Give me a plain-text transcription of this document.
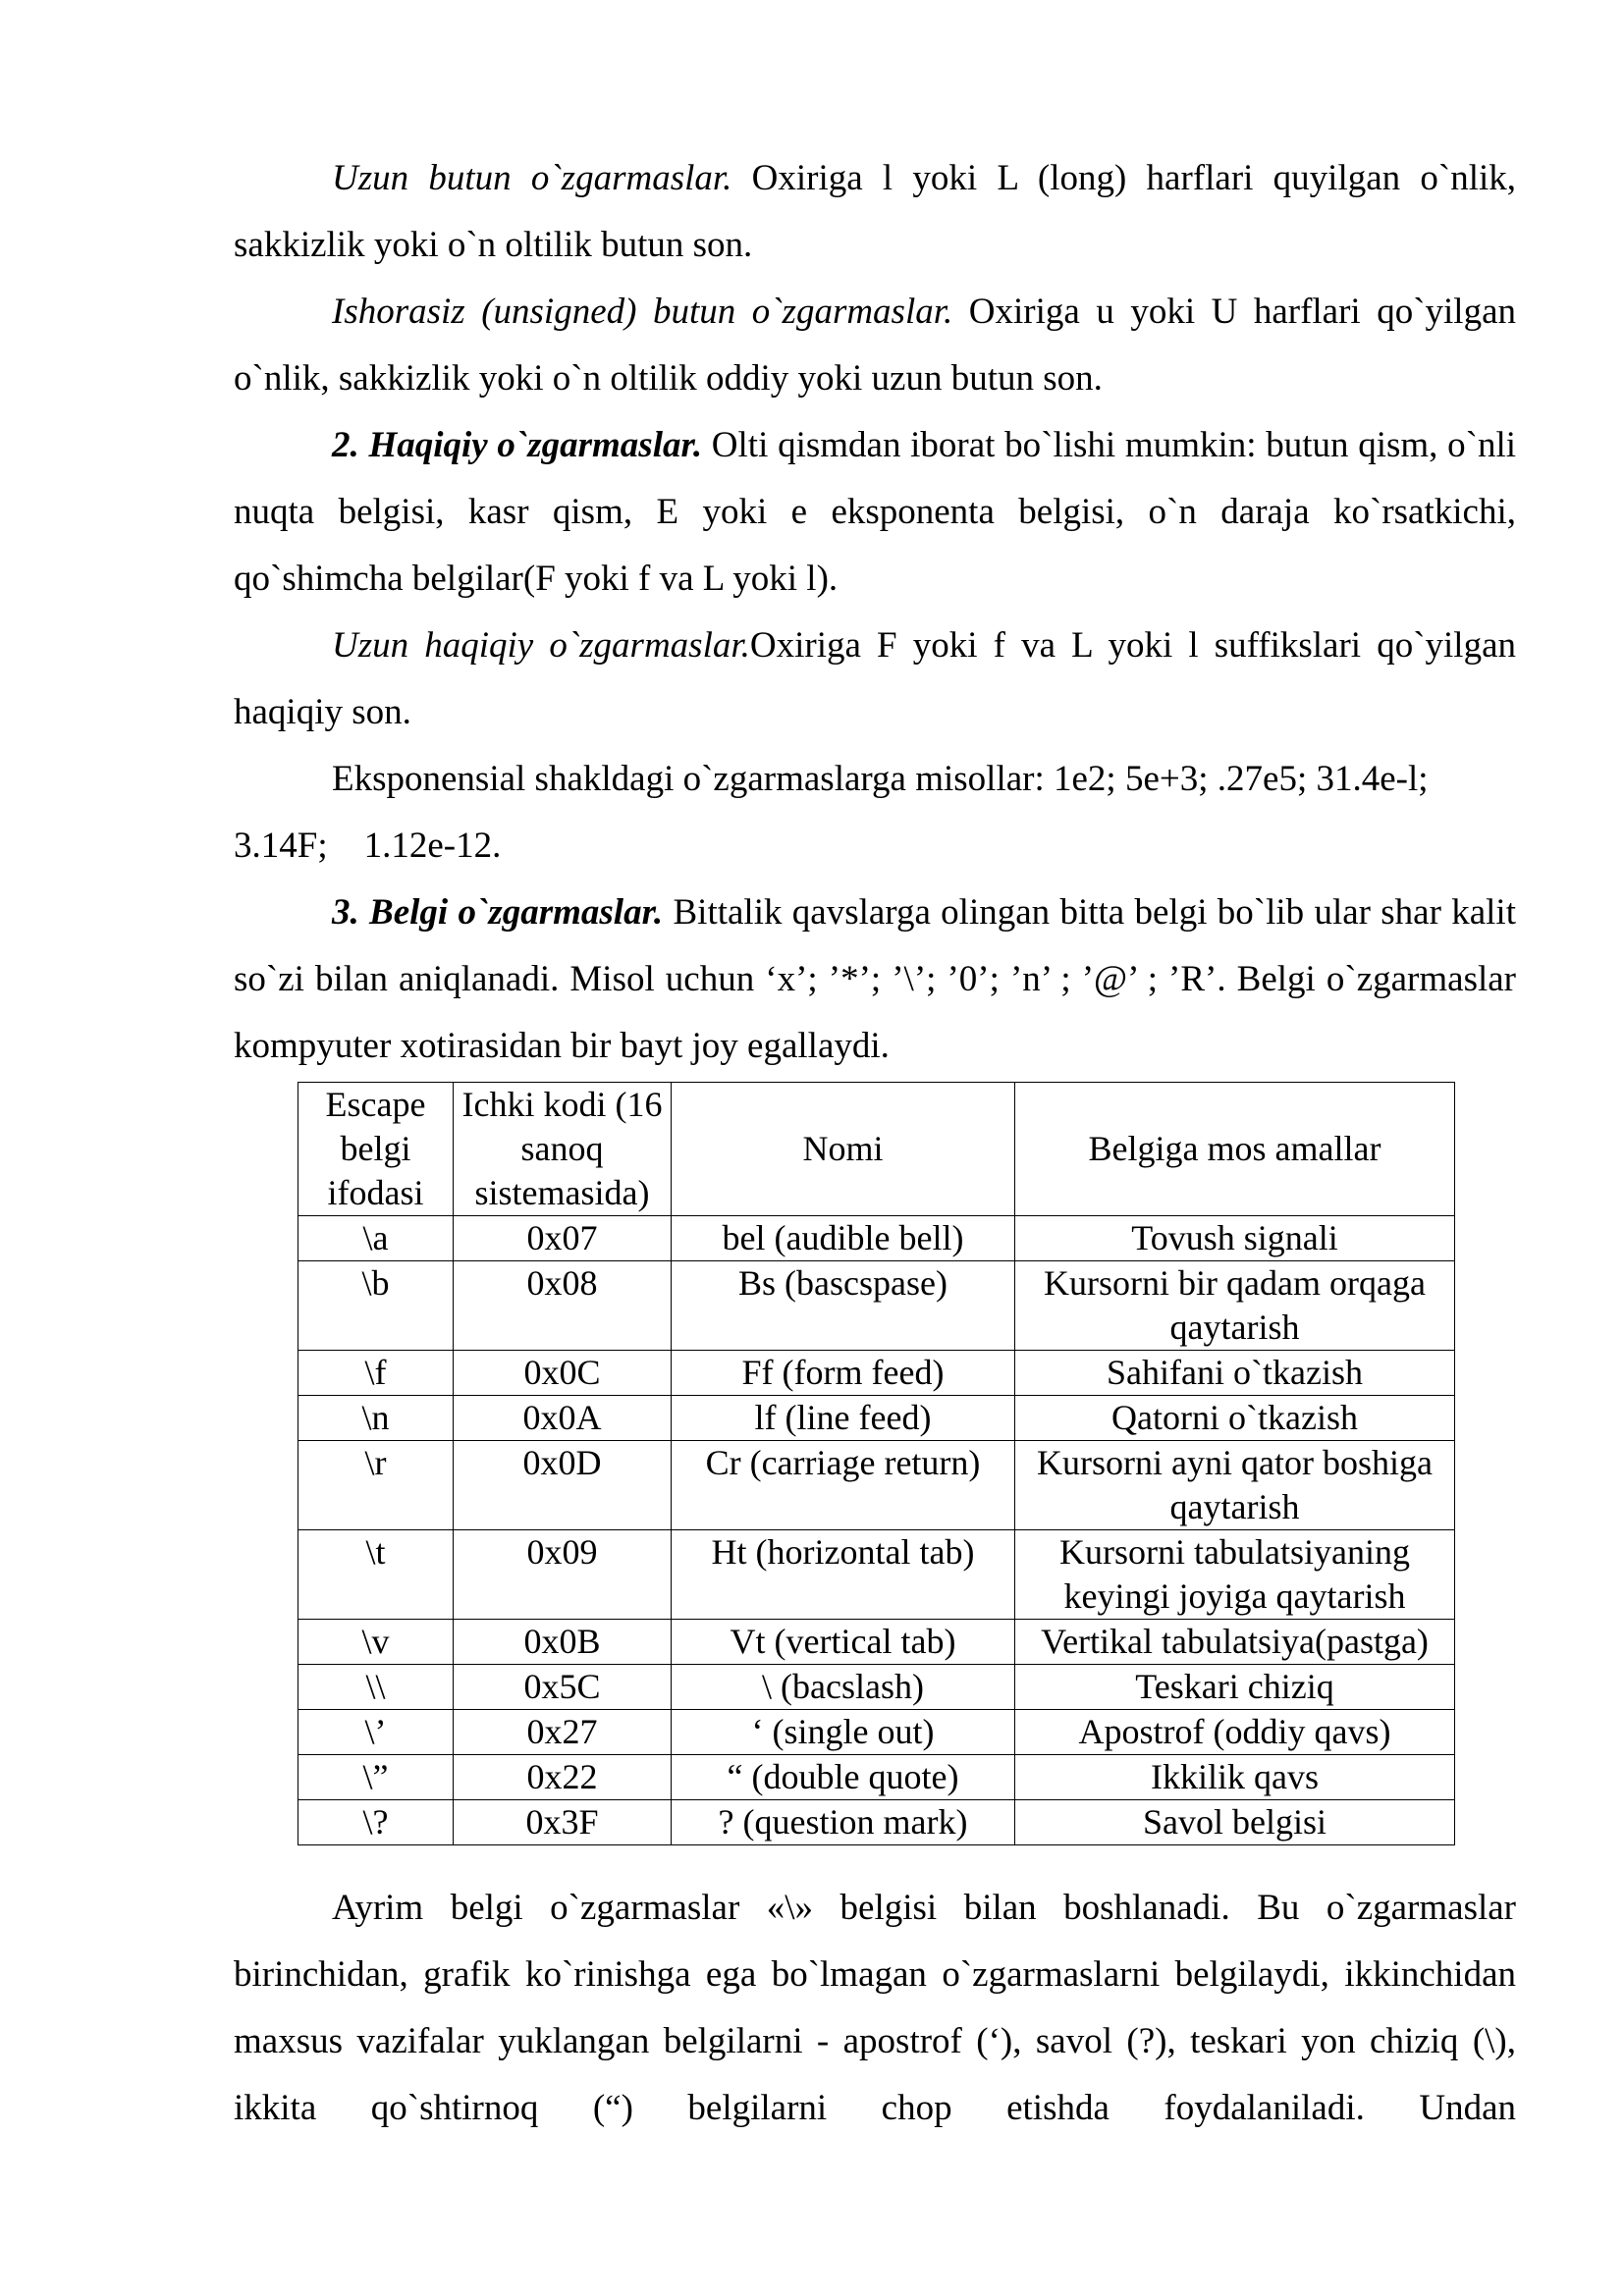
Uzun butun o`zgarmaslar. Oxiriga l yoki L (long) harflari quyilgan o`nlik, sakkizlik yoki o`n oltilik butun son.

Ishorasiz (unsigned) butun o`zgarmaslar. Oxiriga u yoki U harflari qo`yilgan o`nlik, sakkizlik yoki o`n oltilik oddiy yoki uzun butun son.

2. Haqiqiy o`zgarmaslar. Olti qismdan iborat bo`lishi mumkin: butun qism, o`nli nuqta belgisi, kasr qism, E yoki e eksponenta belgisi, o`n daraja ko`rsatkichi, qo`shimcha belgilar(F yoki f va L yoki l).

Uzun haqiqiy o`zgarmaslar.Oxiriga F yoki f va L yoki l suffikslari qo`yilgan haqiqiy son.

Eksponensial shakldagi o`zgarmaslarga misollar: 1e2; 5e+3; .27e5; 31.4e-l;

3.14F;    1.12e-12.

3. Belgi o`zgarmaslar. Bittalik qavslarga olingan bitta belgi bo`lib ular shar kalit so`zi bilan aniqlanadi. Misol uchun ‘x’; ’*’; ’\’; ’0’; ’n’ ; ’@’ ; ’R’. Belgi o`zgarmaslar kompyuter xotirasidan bir bayt joy egallaydi.

Escape belgi ifodasi	Ichki kodi (16 sanoq sistemasida)	Nomi	Belgiga mos amallar
\a	0x07	bel (audible bell)	Tovush signali
\b	0x08	Bs (bascspase)	Kursorni bir qadam orqaga qaytarish
\f	0x0C	Ff (form feed)	Sahifani o`tkazish
\n	0x0A	lf (line feed)	Qatorni o`tkazish
\r	0x0D	Cr (carriage return)	Kursorni ayni qator boshiga qaytarish
\t	0x09	Ht (horizontal tab)	Kursorni tabulatsiyaning keyingi joyiga qaytarish
\v	0x0B	Vt (vertical tab)	Vertikal tabulatsiya(pastga)
\\	0x5C	\ (bacslash)	Teskari chiziq
\’	0x27	‘ (single out)	Apostrof (oddiy qavs)
\”	0x22	“ (double quote)	Ikkilik qavs
\?	0x3F	? (question mark)	Savol belgisi

Ayrim belgi o`zgarmaslar «\» belgisi bilan boshlanadi. Bu o`zgarmaslar birinchidan, grafik ko`rinishga ega bo`lmagan o`zgarmaslarni belgilaydi, ikkinchidan maxsus vazifalar yuklangan belgilarni - apostrof (‘), savol (?), teskari yon chiziq (\), ikkita qo`shtirnoq (“) belgilarni chop etishda foydalaniladi. Undan
